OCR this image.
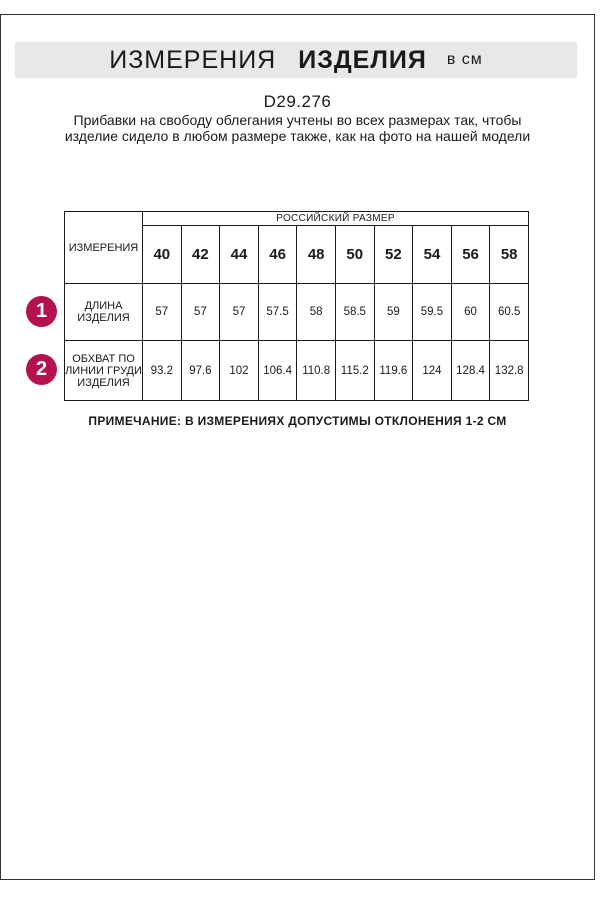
ИЗМЕРЕНИЯ ИЗДЕЛИЯ в см
D29.276
Прибавки на свободу облегания учтены во всех размерах так, чтобы изделие сидело в любом размере также, как на фото на нашей модели
ИЗМЕРЕНИЯ	РОССИЙСКИЙ РАЗМЕР									
	40	42	44	46	48	50	52	54	56	58
ДЛИНА ИЗДЕЛИЯ	57	57	57	57.5	58	58.5	59	59.5	60	60.5
ОБХВАТ ПО ЛИНИИ ГРУДИ ИЗДЕЛИЯ	93.2	97.6	102	106.4	110.8	115.2	119.6	124	128.4	132.8
1
2
ПРИМЕЧАНИЕ: В ИЗМЕРЕНИЯХ ДОПУСТИМЫ ОТКЛОНЕНИЯ 1-2 СМ
